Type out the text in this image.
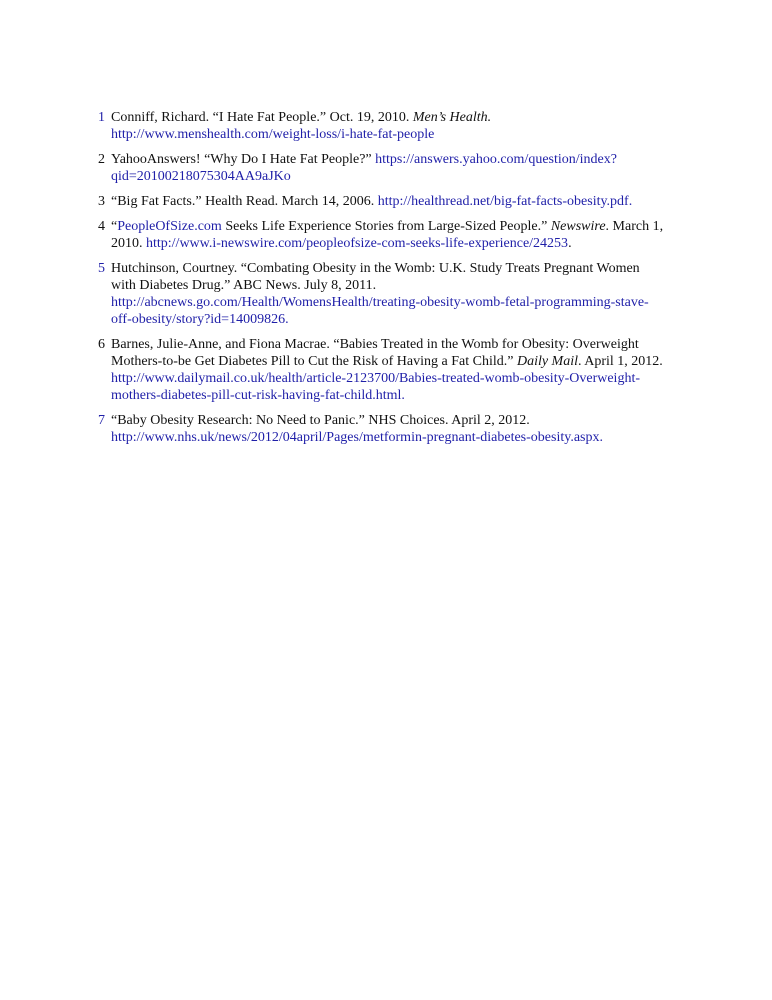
1 Conniff, Richard. “I Hate Fat People.” Oct. 19, 2010. Men’s Health.
http://www.menshealth.com/weight-loss/i-hate-fat-people
2 YahooAnswers! “Why Do I Hate Fat People?” https://answers.yahoo.com/question/index?
qid=20100218075304AA9aJKo
3 “Big Fat Facts.” Health Read. March 14, 2006. http://healthread.net/big-fat-facts-obesity.pdf.
4 “PeopleOfSize.com Seeks Life Experience Stories from Large-Sized People.” Newswire. March 1,
2010. http://www.i-newswire.com/peopleofsize-com-seeks-life-experience/24253.
5 Hutchinson, Courtney. “Combating Obesity in the Womb: U.K. Study Treats Pregnant Women
with Diabetes Drug.” ABC News. July 8, 2011.
http://abcnews.go.com/Health/WomensHealth/treating-obesity-womb-fetal-programming-stave-
off-obesity/story?id=14009826.
6 Barnes, Julie-Anne, and Fiona Macrae. “Babies Treated in the Womb for Obesity: Overweight
Mothers-to-be Get Diabetes Pill to Cut the Risk of Having a Fat Child.” Daily Mail. April 1, 2012.
http://www.dailymail.co.uk/health/article-2123700/Babies-treated-womb-obesity-Overweight-
mothers-diabetes-pill-cut-risk-having-fat-child.html.
7 “Baby Obesity Research: No Need to Panic.” NHS Choices. April 2, 2012.
http://www.nhs.uk/news/2012/04april/Pages/metformin-pregnant-diabetes-obesity.aspx.
